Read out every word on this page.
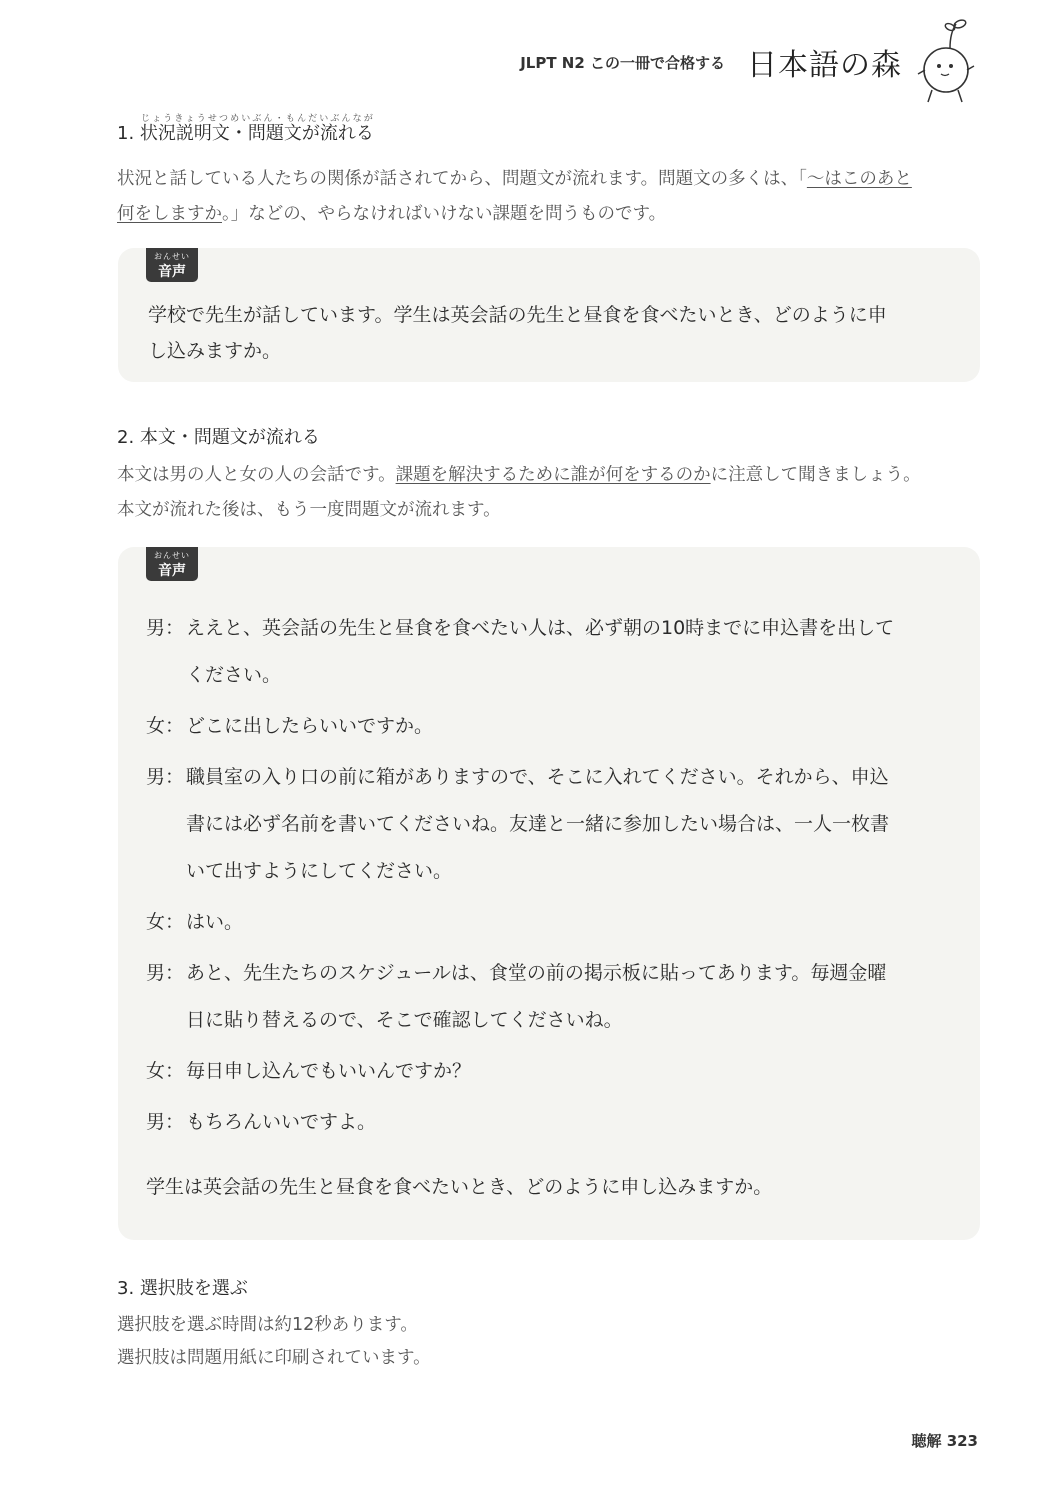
JLPT N2 この一冊で合格する 日本語の森
1. 状況説明文・問題文が流れるじょうきょうせつめいぶん・もんだいぶんなが
状況と話している人たちの関係が話されてから、問題文が流れます。問題文の多くは、「〜はこのあと
何をしますか。」などの、やらなければいけない課題を問うものです。
おんせい
音声
学校で先生が話しています。学生は英会話の先生と昼食を食べたいとき、どのように申
し込みますか。
2. 本文・問題文が流れる
本文は男の人と女の人の会話です。課題を解決するために誰が何をするのかに注意して聞きましょう。
本文が流れた後は、もう一度問題文が流れます。
おんせい
音声
男： ええと、英会話の先生と昼食を食べたい人は、必ず朝の10時までに申込書を出して
ください。
女： どこに出したらいいですか。
男： 職員室の入り口の前に箱がありますので、そこに入れてください。それから、申込
書には必ず名前を書いてくださいね。友達と一緒に参加したい場合は、一人一枚書
いて出すようにしてください。
女： はい。
男： あと、先生たちのスケジュールは、食堂の前の掲示板に貼ってあります。毎週金曜
日に貼り替えるので、そこで確認してくださいね。
女： 毎日申し込んでもいいんですか？
男： もちろんいいですよ。
学生は英会話の先生と昼食を食べたいとき、どのように申し込みますか。
3. 選択肢を選ぶ
選択肢を選ぶ時間は約12秒あります。
選択肢は問題用紙に印刷されています。
聴解 323
